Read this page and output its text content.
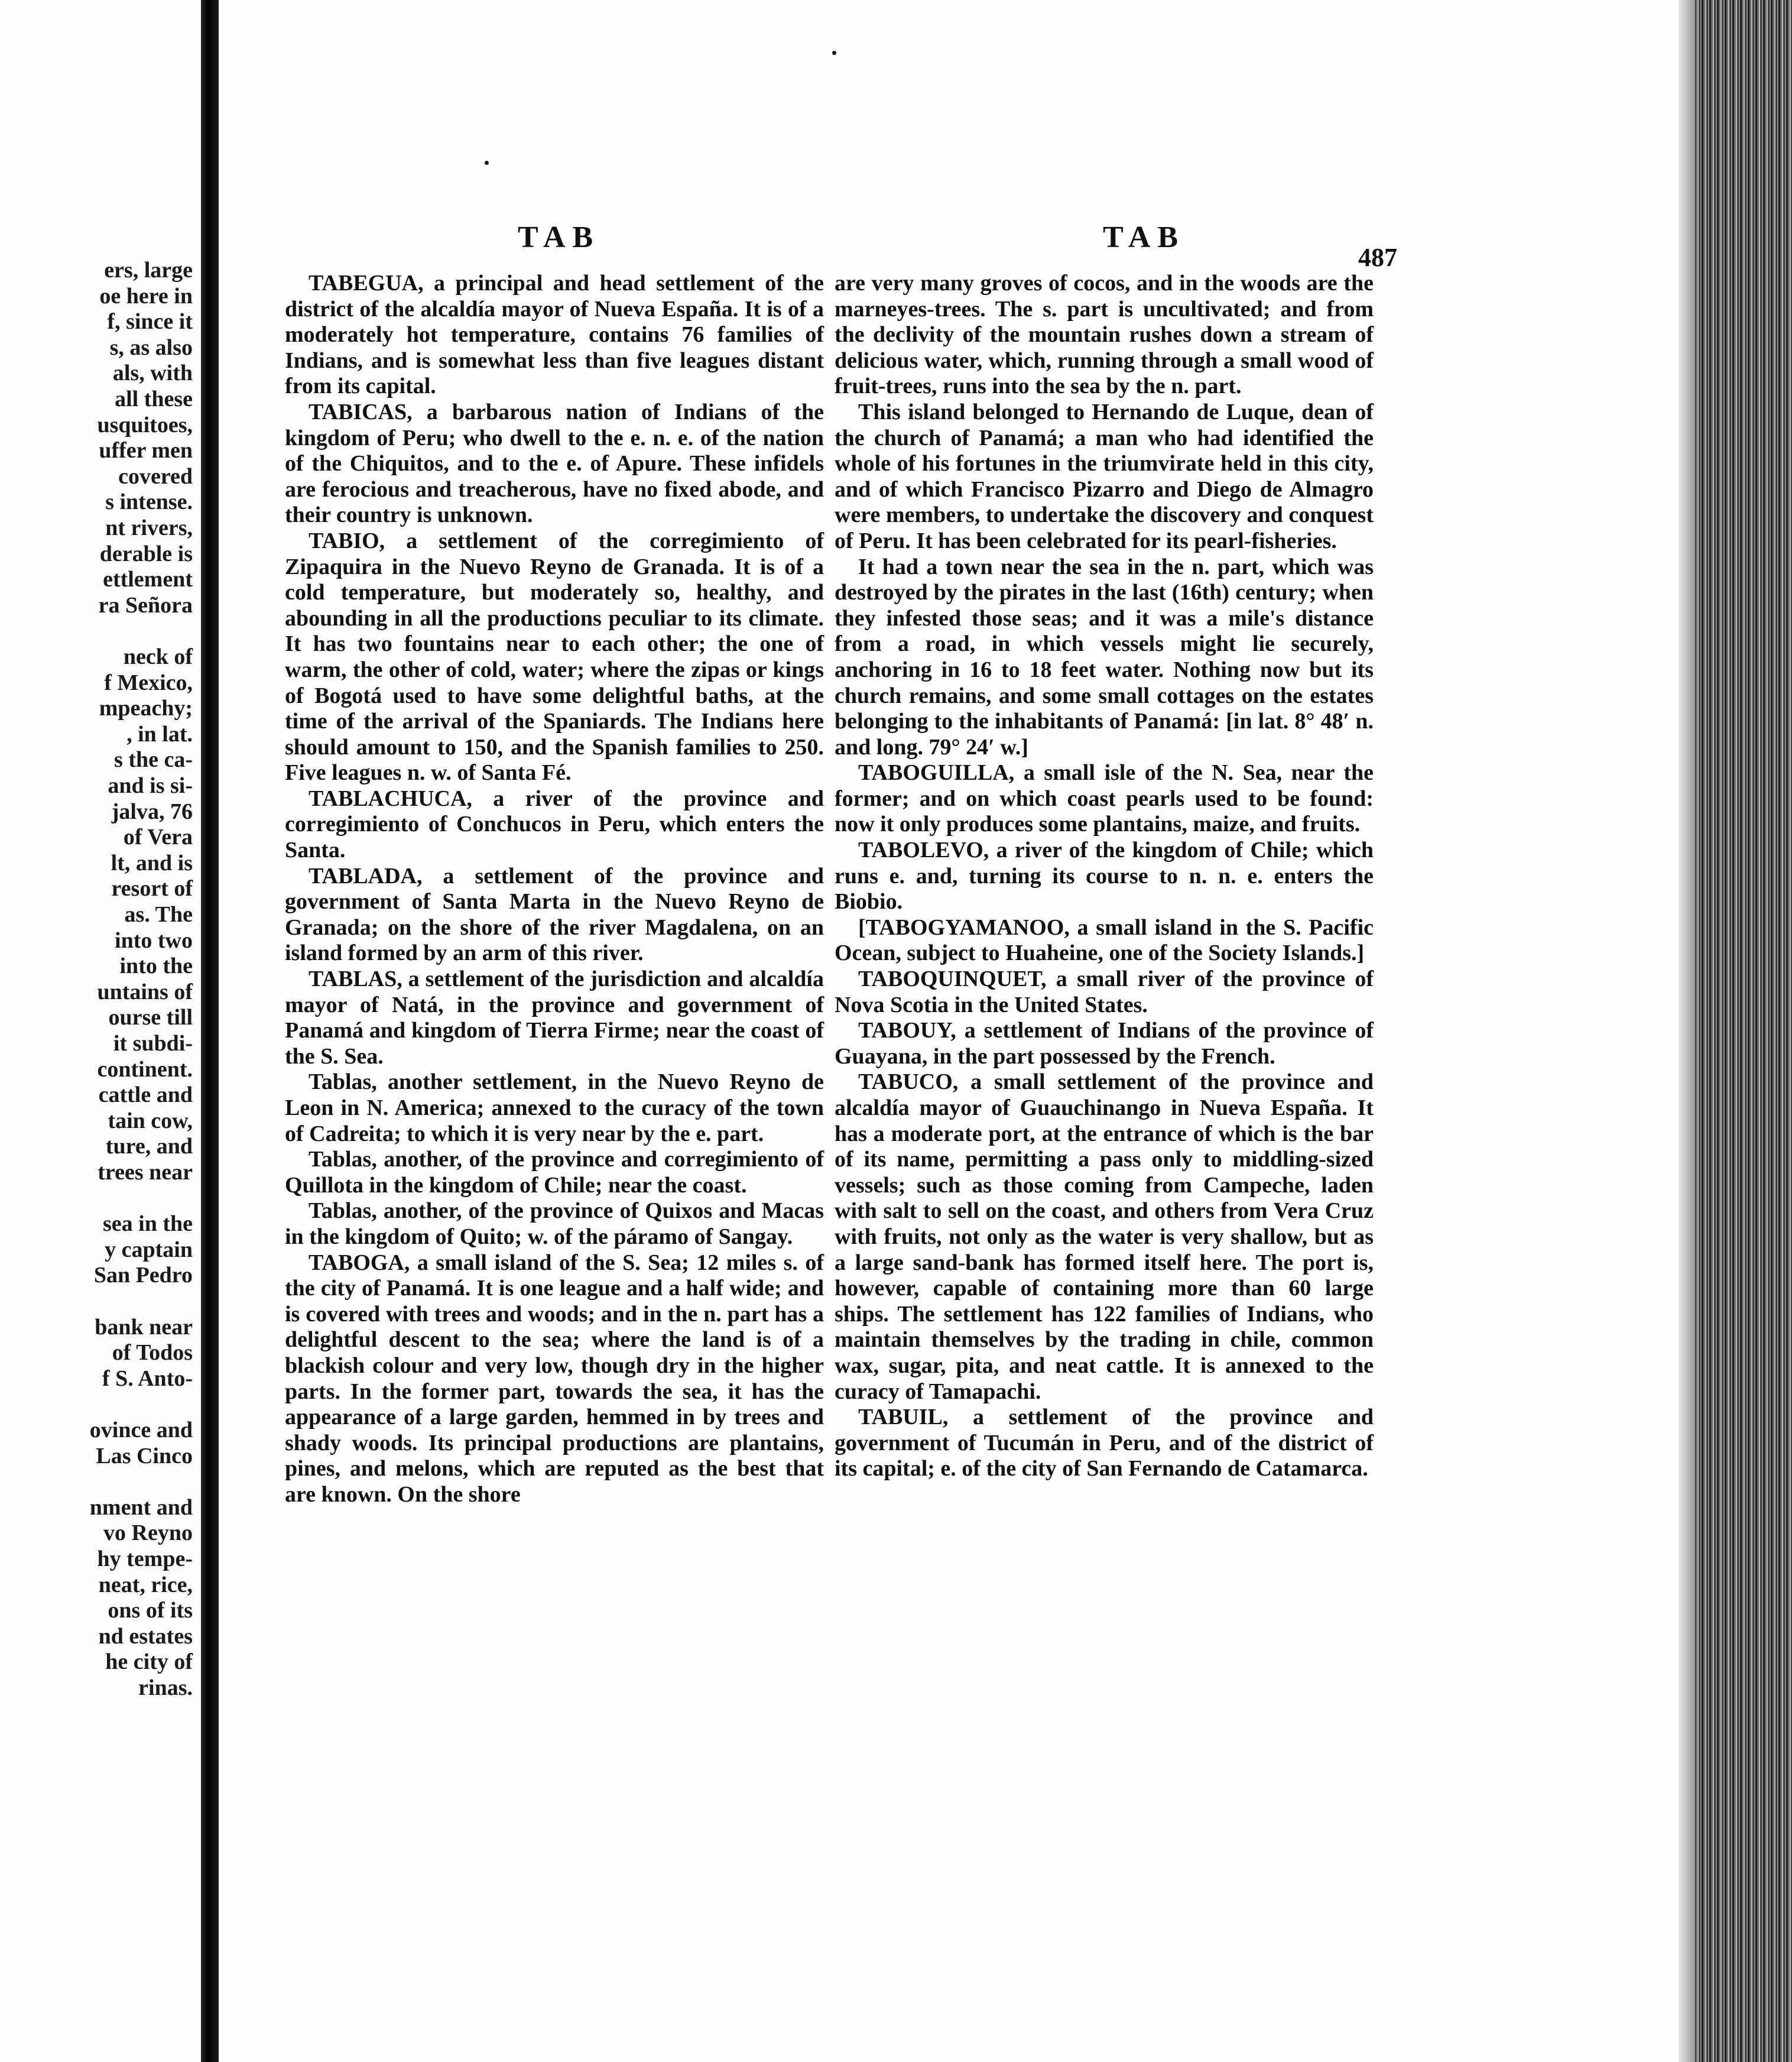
ers, large
oe here in
f, since it
s, as also
als, with
all these
usquitoes,
uffer men
covered
s intense.
nt rivers,
derable is
ettlement
ra Señora
neck of
f Mexico,
mpeachy;
, in lat.
s the ca-
and is si-
jalva, 76
of Vera
lt, and is
resort of
as. The
into two
into the
untains of
ourse till
it subdi-
continent.
cattle and
tain cow,
ture, and
trees near
sea in the
y captain
San Pedro
bank near
of Todos
f S. Anto-
ovince and
Las Cinco
nment and
vo Reyno
hy tempe-
neat, rice,
ons of its
nd estates
he city of
rinas.
TAB	TAB
487

TABEGUA, a principal and head settlement of the district of the alcaldía mayor of Nueva España. It is of a moderately hot temperature, contains 76 families of Indians, and is somewhat less than five leagues distant from its capital.

TABICAS, a barbarous nation of Indians of the kingdom of Peru; who dwell to the e. n. e. of the nation of the Chiquitos, and to the e. of Apure. These infidels are ferocious and treacherous, have no fixed abode, and their country is unknown.

TABIO, a settlement of the corregimiento of Zipaquira in the Nuevo Reyno de Granada. It is of a cold temperature, but moderately so, healthy, and abounding in all the productions peculiar to its climate. It has two fountains near to each other; the one of warm, the other of cold, water; where the zipas or kings of Bogotá used to have some delightful baths, at the time of the arrival of the Spaniards. The Indians here should amount to 150, and the Spanish families to 250. Five leagues n. w. of Santa Fé.

TABLACHUCA, a river of the province and corregimiento of Conchucos in Peru, which enters the Santa.

TABLADA, a settlement of the province and government of Santa Marta in the Nuevo Reyno de Granada; on the shore of the river Magdalena, on an island formed by an arm of this river.

TABLAS, a settlement of the jurisdiction and alcaldía mayor of Natá, in the province and government of Panamá and kingdom of Tierra Firme; near the coast of the S. Sea.

Tablas, another settlement, in the Nuevo Reyno de Leon in N. America; annexed to the curacy of the town of Cadreita; to which it is very near by the e. part.

Tablas, another, of the province and corregimiento of Quillota in the kingdom of Chile; near the coast.

Tablas, another, of the province of Quixos and Macas in the kingdom of Quito; w. of the páramo of Sangay.

TABOGA, a small island of the S. Sea; 12 miles s. of the city of Panamá. It is one league and a half wide; and is covered with trees and woods; and in the n. part has a delightful descent to the sea; where the land is of a blackish colour and very low, though dry in the higher parts. In the former part, towards the sea, it has the appearance of a large garden, hemmed in by trees and shady woods. Its principal productions are plantains, pines, and melons, which are reputed as the best that are known. On the shore

are very many groves of cocos, and in the woods are the marneyes-trees. The s. part is uncultivated; and from the declivity of the mountain rushes down a stream of delicious water, which, running through a small wood of fruit-trees, runs into the sea by the n. part.

This island belonged to Hernando de Luque, dean of the church of Panamá; a man who had identified the whole of his fortunes in the triumvirate held in this city, and of which Francisco Pizarro and Diego de Almagro were members, to undertake the discovery and conquest of Peru. It has been celebrated for its pearl-fisheries.

It had a town near the sea in the n. part, which was destroyed by the pirates in the last (16th) century; when they infested those seas; and it was a mile's distance from a road, in which vessels might lie securely, anchoring in 16 to 18 feet water. Nothing now but its church remains, and some small cottages on the estates belonging to the inhabitants of Panamá: [in lat. 8° 48′ n. and long. 79° 24′ w.]

TABOGUILLA, a small isle of the N. Sea, near the former; and on which coast pearls used to be found: now it only produces some plantains, maize, and fruits.

TABOLEVO, a river of the kingdom of Chile; which runs e. and, turning its course to n. n. e. enters the Biobio.

[TABOGYAMANOO, a small island in the S. Pacific Ocean, subject to Huaheine, one of the Society Islands.]

TABOQUINQUET, a small river of the province of Nova Scotia in the United States.

TABOUY, a settlement of Indians of the province of Guayana, in the part possessed by the French.

TABUCO, a small settlement of the province and alcaldía mayor of Guauchinango in Nueva España. It has a moderate port, at the entrance of which is the bar of its name, permitting a pass only to middling-sized vessels; such as those coming from Campeche, laden with salt to sell on the coast, and others from Vera Cruz with fruits, not only as the water is very shallow, but as a large sand-bank has formed itself here. The port is, however, capable of containing more than 60 large ships. The settlement has 122 families of Indians, who maintain themselves by the trading in chile, common wax, sugar, pita, and neat cattle. It is annexed to the curacy of Tamapachi.

TABUIL, a settlement of the province and government of Tucumán in Peru, and of the district of its capital; e. of the city of San Fernando de Catamarca.
